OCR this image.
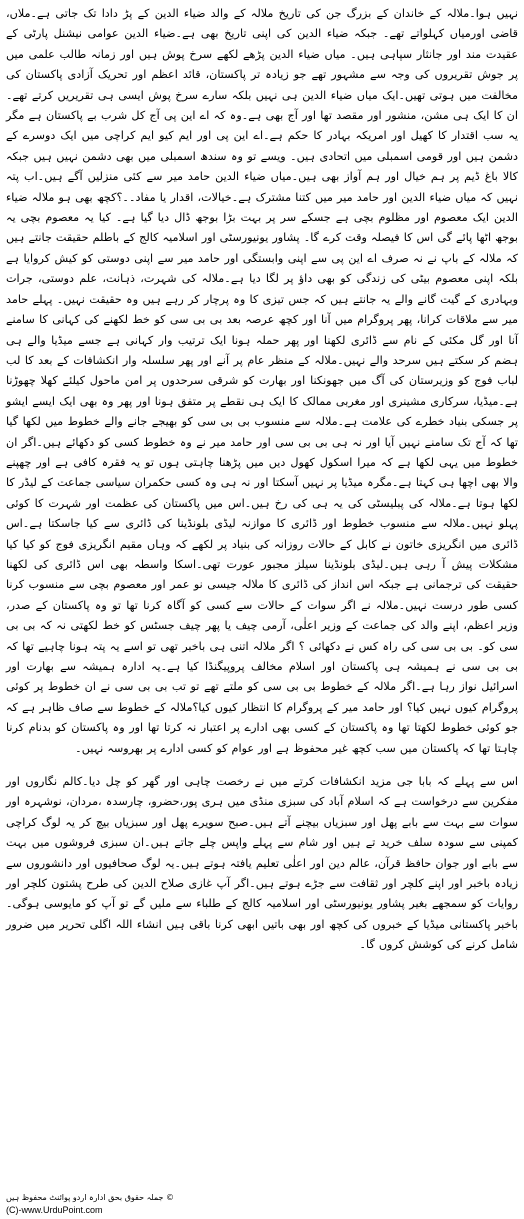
نہیں ہوا۔ملالہ کے خاندان کے بزرگ جن کی تاریخ ملالہ کے والد ضیاء الدین کے پڑ دادا تک جاتی ہے۔ملاں، قاضی اورمیاں کہلواتے تھے۔ جبکہ ضیاء الدین کی اپنی تاریخ بھی ہے۔ضیاء الدین عوامی نیشنل پارٹی کے عقیدت مند اور جانثار سپاہی ہیں۔ میاں ضیاء الدین پڑھے لکھے سرخ پوش ہیں اور زمانہ طالب علمی میں پر جوش تقریروں کی وجہ سے مشہور تھے جو زیادہ تر پاکستان، قائد اعظم اور تحریک آزادی پاکستان کی مخالفت میں ہوتی تھیں۔ایک میاں ضیاء الدین ہی نہیں بلکہ سارے سرخ پوش ایسی ہی تقریریں کرتے تھے۔ان کا ایک ہی مشن، منشور اور مقصد تھا اور آج بھی ہے۔وہ کہ اے این پی آج کل شرب بے پاکستان ہے مگر یہ سب اقتدار کا کھیل اور امریکہ بہادر کا حکم ہے۔اے این پی اور ایم کیو ایم کراچی میں ایک دوسرے کے دشمن ہیں اور قومی اسمبلی میں اتحادی ہیں۔ ویسے تو وہ سندھ اسمبلی میں بھی دشمن نہیں ہیں جبکہ کالا باغ ڈیم پر ہم خیال اور ہم آواز بھی ہیں۔میاں ضیاء الدین حامد میر سے کئی منزلیں آگے ہیں۔اب پتہ نہیں کہ میاں ضیاء الدین اور حامد میر میں کتنا مشترک ہے۔خیالات، اقدار یا مفاد۔۔؟کچھ بھی ہو ملالہ ضیاء الدین ایک معصوم اور مظلوم بچی ہے جسکے سر پر بہت بڑا بوجھ ڈال دیا گیا ہے۔ کیا یہ معصوم بچی یہ بوجھ اٹھا پائے گی اس کا فیصلہ وقت کرے گا۔ پشاور یونیورسٹی اور اسلامیہ کالج کے باطلم حقیقت جانتے ہیں کہ ملالہ کے باپ نے نہ صرف اے این پی سے اپنی وابستگی اور حامد میر سے اپنی دوستی کو کیش کروایا ہے بلکہ اپنی معصوم بیٹی کی زندگی کو بھی داؤ پر لگا دیا ہے۔ملالہ کی شہرت، ذہانت، علم دوستی، جرات وبہادری کے گیت گانے والے یہ جانتے ہیں کہ جس تیزی کا وہ پرچار کر رہے ہیں وہ حقیقت نہیں۔ پہلے حامد میر سے ملاقات کرانا، پھر پروگرام میں آنا اور کچھ عرصہ بعد بی بی سی کو خط لکھنے کی کہانی کا سامنے آنا اور گل مکئی کے نام سے ڈائری لکھنا اور پھر حملہ ہونا ایک ترتیب وار کہانی ہے جسے میڈیا والے ہی ہضم کر سکتے ہیں سرحد والے نہیں۔ملالہ کے منظر عام پر آنے اور پھر سلسلہ وار انکشافات کے بعد کا لب لباب فوج کو وزیرستان کی آگ میں جھونکنا اور بھارت کو شرقی سرحدوں پر امن ماحول کیلئے کھلا چھوڑنا ہے۔میڈیا، سرکاری مشینری اور مغربی ممالک کا ایک ہی نقطے پر متفق ہونا اور پھر وہ بھی ایک ایسے ایشو پر جسکی بنیاد خطرے کی علامت ہے۔ملالہ سے منسوب بی بی سی کو بھیجے جانے والے خطوط میں لکھا گیا تھا کہ آج تک سامنے نہیں آیا اور نہ ہی بی بی سی اور حامد میر نے وہ خطوط کسی کو دکھائے ہیں۔اگر ان خطوط میں یہی لکھا ہے کہ میرا اسکول کھول دیں میں پڑھنا چاہتی ہوں تو یہ فقرہ کافی ہے اور چھپنے والا بھی اچھا ہی کہتا ہے۔مگرہ میڈیا پر نہیں آسکتا اور نہ ہی وہ کسی حکمران سیاسی جماعت کے لیڈر کا لکھا ہوتا ہے۔ملالہ کی پبلیسٹی کی یہ ہی کی رخ ہیں۔اس میں پاکستان کی عظمت اور شہرت کا کوئی پہلو نہیں۔ملالہ سے منسوب خطوط اور ڈائری کا موازنہ لیڈی بلونڈینا کی ڈائری سے کیا جاسکتا ہے۔اس ڈائری میں انگریزی خاتون نے کابل کے حالات روزانہ کی بنیاد پر لکھے کہ وہاں مقیم انگریزی فوج کو کیا کیا مشکلات پیش آ رہی ہیں۔لیڈی بلونڈینا سیلز مجبور عورت تھی۔اسکا واسطہ بھی اس ڈائری کی لکھنا حقیقت کی ترجمانی ہے جبکہ اس انداز کی ڈائری کا ملالہ جیسی نو عمر اور معصوم بچی سے منسوب کرنا کسی طور درست نہیں۔ملالہ نے اگر سوات کے حالات سے کسی کو آگاہ کرنا تھا تو وہ پاکستان کے صدر، وزیر اعظم، اپنے والد کی جماعت کے وزیر اعلٰی، آرمی چیف یا پھر چیف جسٹس کو خط لکھتی نہ کہ بی بی سی کو۔ بی بی سی کی راہ کس نے دکھائی ؟ اگر ملالہ اتنی ہی باخبر تھی تو اسے یہ پتہ ہونا چاہیے تھا کہ بی بی سی نے ہمیشہ ہی پاکستان اور اسلام مخالف پروپیگنڈا کیا ہے۔یہ ادارہ ہمیشہ سے بھارت اور اسرائیل نواز رہا ہے۔اگر ملالہ کے خطوط بی بی سی کو ملتے تھے تو تب بی بی سی نے ان خطوط پر کوئی پروگرام کیوں نہیں کیا؟ اور حامد میر کے پروگرام کا انتظار کیوں کیا؟ملالہ کے خطوط سے صاف ظاہر ہے کہ جو کوئی خطوط لکھتا تھا وہ پاکستان کے کسی بھی ادارے پر اعتبار نہ کرتا تھا اور وہ پاکستان کو بدنام کرنا چاہتا تھا کہ پاکستان میں سب کچھ غیر محفوظ ہے اور عوام کو کسی ادارے پر بھروسہ نہیں۔

اس سے پہلے کہ بابا جی مزید انکشافات کرتے میں نے رخصت چاہی اور گھر کو چل دیا۔کالم نگاروں اور مفکرین سے درخواست ہے کہ اسلام آباد کی سبزی منڈی میں ہری پور،حضرو، چارسدہ ،مردان، نوشہرہ اور سوات سے بہت سے بابے پھل اور سبزیاں بیچنے آتے ہیں۔صبح سویرے پھل اور سبزیاں بیچ کر یہ لوگ کراچی کمپنی سے سودہ سلف خرید تے ہیں اور شام سے پہلے واپس چلے جاتے ہیں۔ان سبزی فروشوں میں بہت سے بابے اور جوان حافظ قرآن، عالم دین اور اعلٰی تعلیم یافتہ ہوتے ہیں۔یہ لوگ صحافیوں اور دانشوروں سے زیادہ باخبر اور اپنے کلچر اور ثقافت سے جڑے ہوتے ہیں۔اگر آپ غازی صلاح الدین کی طرح پشتون کلچر اور روایات کو سمجھے بغیر پشاور یونیورسٹی اور اسلامیہ کالج کے طلباء سے ملیں گے تو آپ کو مایوسی ہوگی۔ باخبر پاکستانی میڈیا کے خبروں کی کچھ اور بھی باتیں ابھی کرنا باقی ہیں انشاء اللہ اگلی تحریر میں ضرور شامل کرنے کی کوشش کروں گا۔

© جملہ حقوق بحق ادارہ اردو پوائنٹ محفوظ ہیں
(C)-www.UrduPoint.com
